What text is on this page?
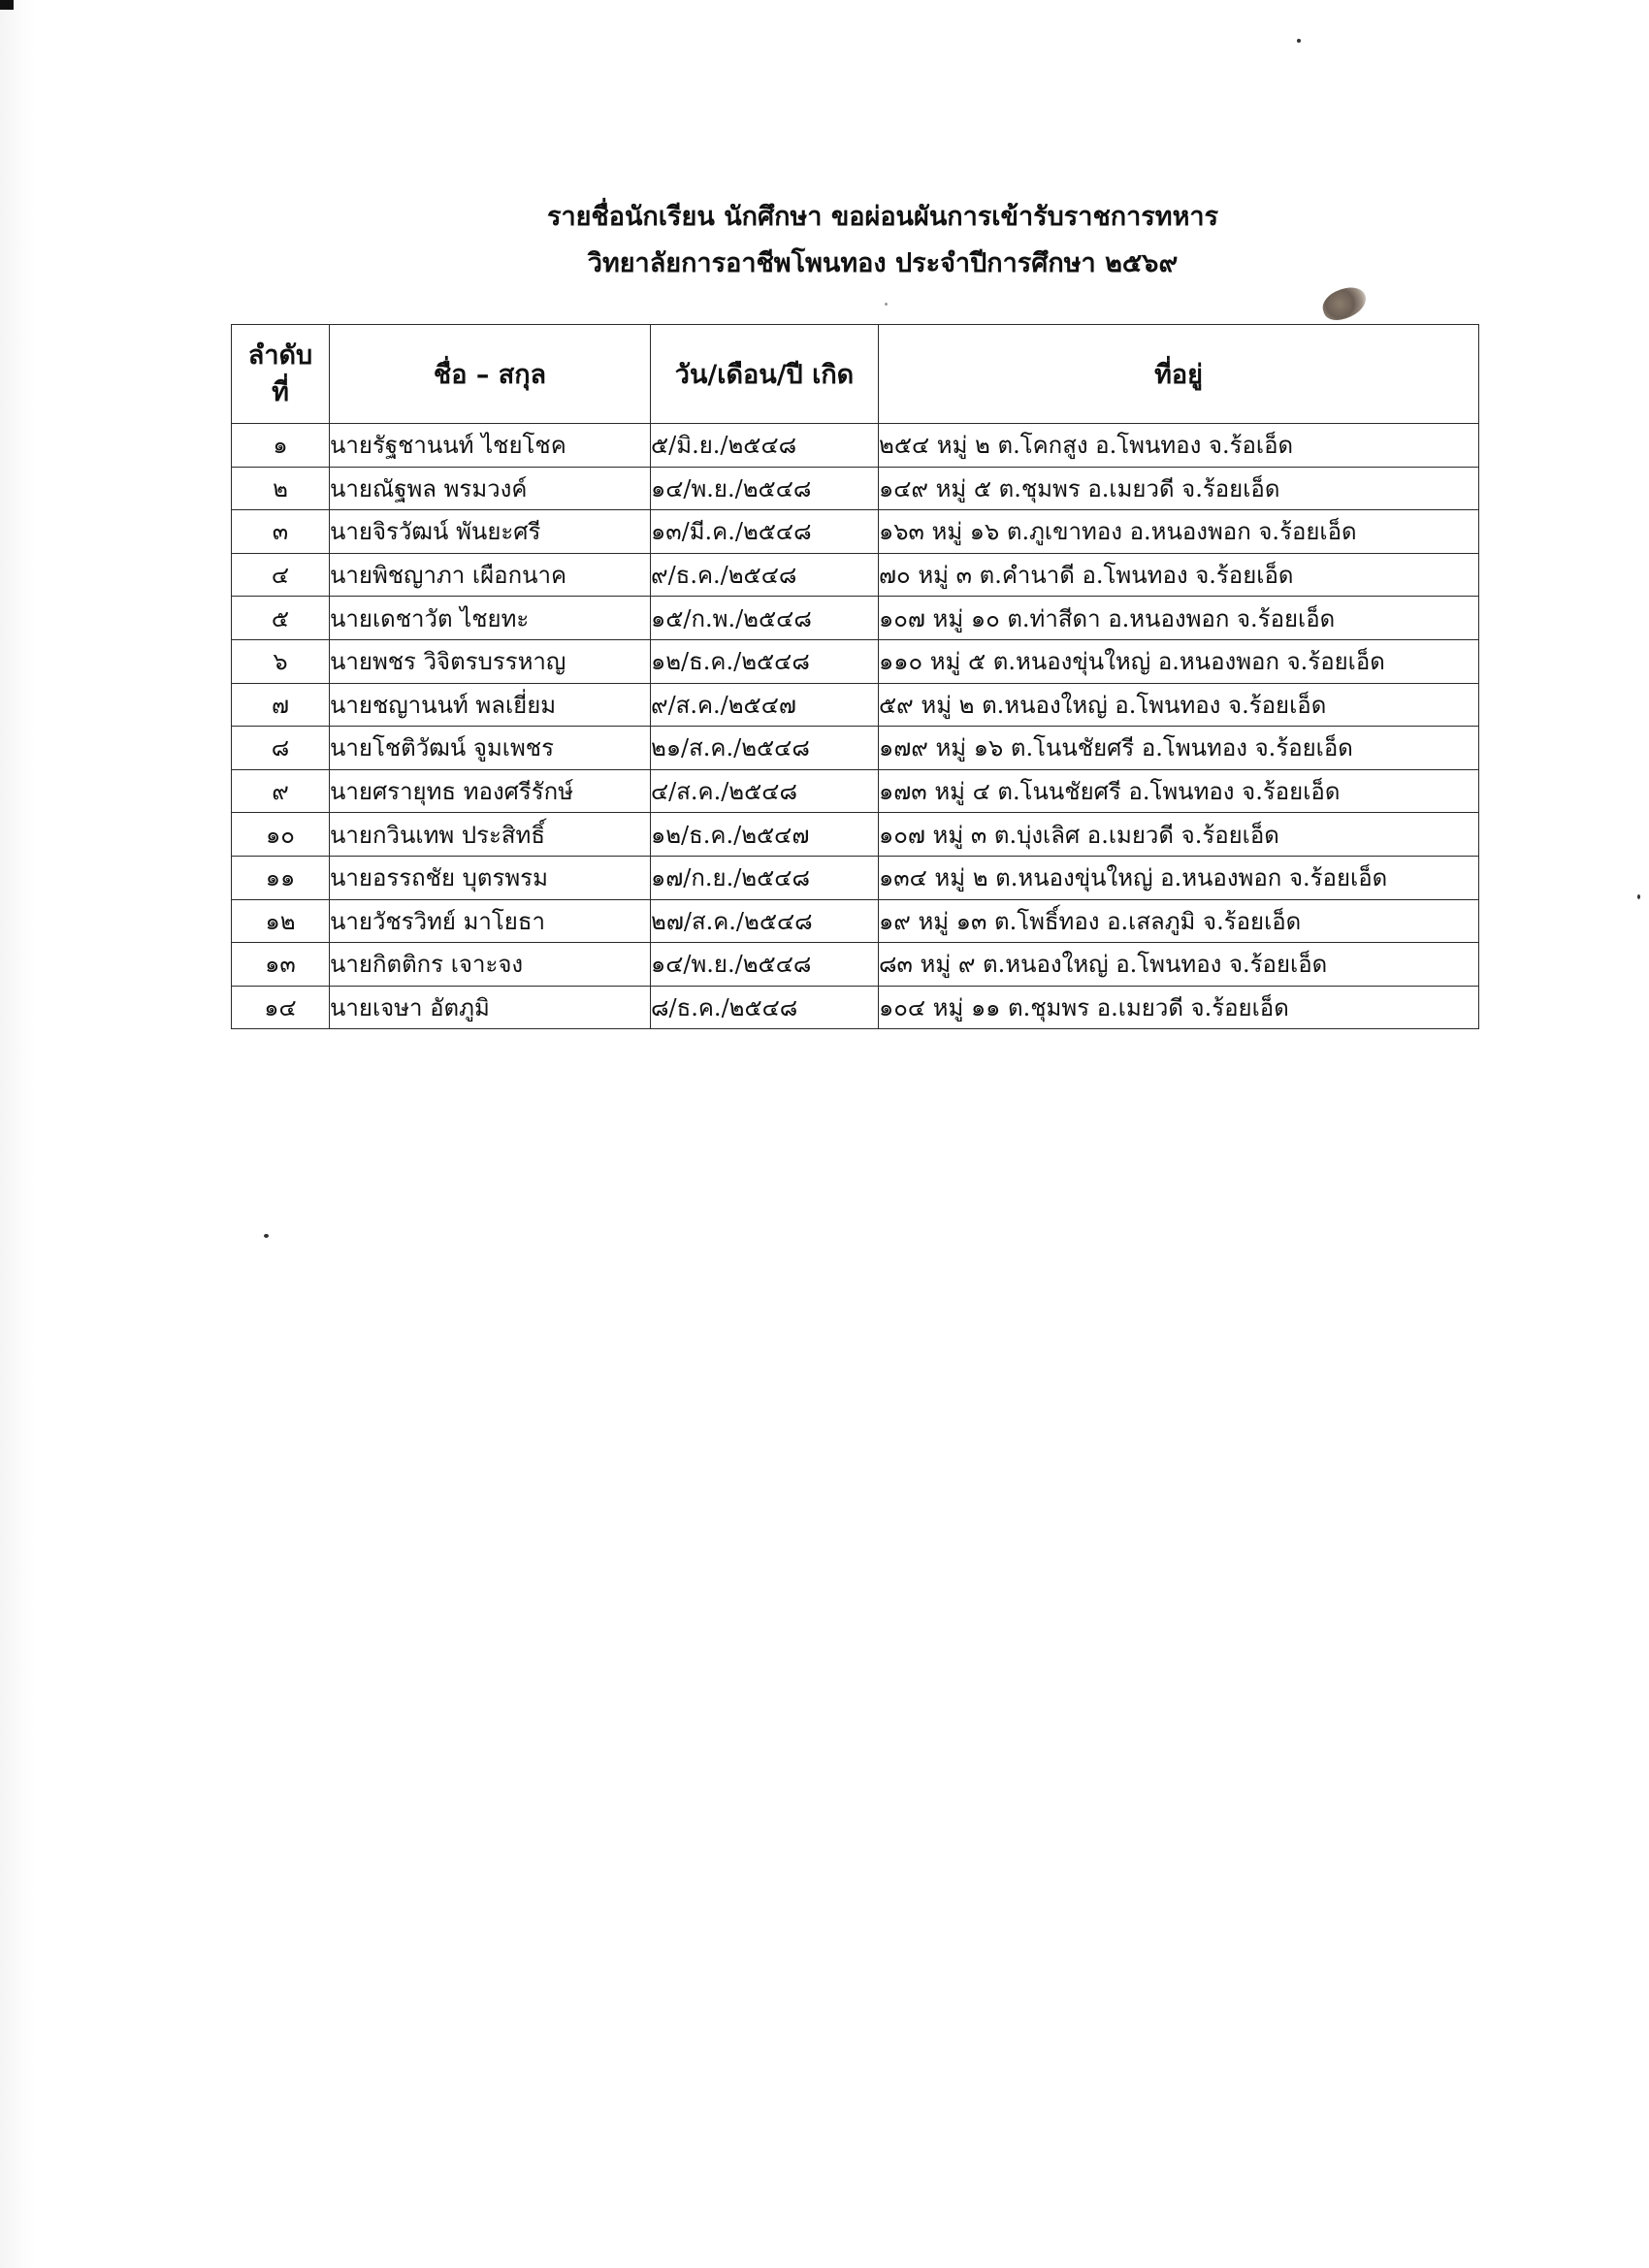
รายชื่อนักเรียน นักศึกษา ขอผ่อนผันการเข้ารับราชการทหาร
วิทยาลัยการอาชีพโพนทอง ประจำปีการศึกษา ๒๕๖๙
ลำดับ
ที่	ชื่อ – สกุล	วัน/เดือน/ปี เกิด	ที่อยู่
๑	นายรัฐชานนท์ ไชยโชค	๕/มิ.ย./๒๕๔๘	๒๕๔ หมู่ ๒ ต.โคกสูง อ.โพนทอง จ.ร้อเอ็ด
๒	นายณัฐพล พรมวงค์	๑๔/พ.ย./๒๕๔๘	๑๔๙ หมู่ ๕ ต.ชุมพร อ.เมยวดี จ.ร้อยเอ็ด
๓	นายจิรวัฒน์ พันยะศรี	๑๓/มี.ค./๒๕๔๘	๑๖๓ หมู่ ๑๖ ต.ภูเขาทอง อ.หนองพอก จ.ร้อยเอ็ด
๔	นายพิชญาภา เผือกนาค	๙/ธ.ค./๒๕๔๘	๗๐ หมู่ ๓ ต.คำนาดี อ.โพนทอง จ.ร้อยเอ็ด
๕	นายเดชาวัต ไชยทะ	๑๕/ก.พ./๒๕๔๘	๑๐๗ หมู่ ๑๐ ต.ท่าสีดา อ.หนองพอก จ.ร้อยเอ็ด
๖	นายพชร วิจิตรบรรหาญ	๑๒/ธ.ค./๒๕๔๘	๑๑๐ หมู่ ๕ ต.หนองขุ่นใหญ่ อ.หนองพอก จ.ร้อยเอ็ด
๗	นายชญานนท์ พลเยี่ยม	๙/ส.ค./๒๕๔๗	๕๙ หมู่ ๒ ต.หนองใหญ่ อ.โพนทอง จ.ร้อยเอ็ด
๘	นายโชติวัฒน์ จูมเพชร	๒๑/ส.ค./๒๕๔๘	๑๗๙ หมู่ ๑๖ ต.โนนชัยศรี อ.โพนทอง จ.ร้อยเอ็ด
๙	นายศรายุทธ ทองศรีรักษ์	๔/ส.ค./๒๕๔๘	๑๗๓ หมู่ ๔ ต.โนนชัยศรี อ.โพนทอง จ.ร้อยเอ็ด
๑๐	นายกวินเทพ ประสิทธิ์	๑๒/ธ.ค./๒๕๔๗	๑๐๗ หมู่ ๓ ต.บุ่งเลิศ อ.เมยวดี จ.ร้อยเอ็ด
๑๑	นายอรรถชัย บุตรพรม	๑๗/ก.ย./๒๕๔๘	๑๓๔ หมู่ ๒ ต.หนองขุ่นใหญ่ อ.หนองพอก จ.ร้อยเอ็ด
๑๒	นายวัชรวิทย์ มาโยธา	๒๗/ส.ค./๒๕๔๘	๑๙ หมู่ ๑๓ ต.โพธิ์ทอง อ.เสลภูมิ จ.ร้อยเอ็ด
๑๓	นายกิตติกร เจาะจง	๑๔/พ.ย./๒๕๔๘	๘๓ หมู่ ๙ ต.หนองใหญ่ อ.โพนทอง จ.ร้อยเอ็ด
๑๔	นายเจษา อัตภูมิ	๘/ธ.ค./๒๕๔๘	๑๐๔ หมู่ ๑๑ ต.ชุมพร อ.เมยวดี จ.ร้อยเอ็ด
